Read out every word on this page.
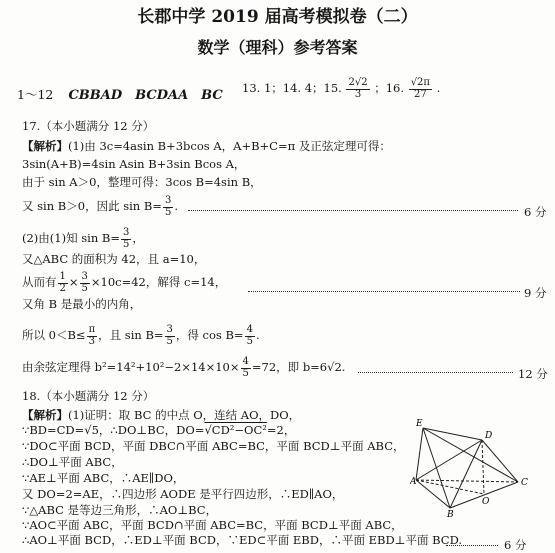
长郡中学 2019 届高考模拟卷（二）
数学（理科）参考答案
1～12 CBBAD　BCDAA　BC 13. 1；14. 4；15. $\frac{2√2}{3}$ ；16. $\frac{√2\pi}{27}$ .
17.（本小题满分 12 分）
【解析】(1)由 3c=4asin B+3bcos A，A+B+C=π 及正弦定理可得：
3sin(A+B)=4sin Asin B+3sin Bcos A，
由于 sin A＞0，整理可得：3cos B=4sin B，
又 sin B＞0，因此 $\sin B= \frac{3}{5}$ .	6 分
(2)由(1)知 $\sin B= \frac{3}{5}$ ，
又△ABC 的面积为 42，且 a=10，
从而有 $\frac{1}{2} \times \frac{3}{5} \times 10c=42$，解得 c=14，
9 分
又角 B 是最小的内角，
所以 $0<B\le \frac{\pi}{3}$ ，且 $\sin B= \frac{3}{5}$ ，得 $\cos B= \frac{4}{5}$ .
由余弦定理得 $b^2=14^2+10^2-2\times 14\times 10\times \frac{4}{5} =72$，即 b=6√2.	12 分
18.（本小题满分 12 分）
【解析】(1)证明：取 BC 的中点 O，连结 AO，DO，
∵BD=CD=√5，∴DO⊥BC，DO=√CD²−OC²=2，
∵DO⊂平面 BCD，平面 DBC∩平面 ABC=BC，平面 BCD⊥平面 ABC，
∴DO⊥平面 ABC，
∵AE⊥平面 ABC，∴AE∥DO，
又 DO=2=AE，∴四边形 AODE 是平行四边形，∴ED∥AO，
∵△ABC 是等边三角形，∴AO⊥BC，
E
D
A	C
O
B
∵AO⊂平面 ABC，平面 BCD∩平面 ABC=BC，平面 BCD⊥平面 ABC，
∴AO⊥平面 BCD，∴ED⊥平面 BCD，∵ED⊂平面 EBD，∴平面 EBD⊥平面 BCD.	6 分
